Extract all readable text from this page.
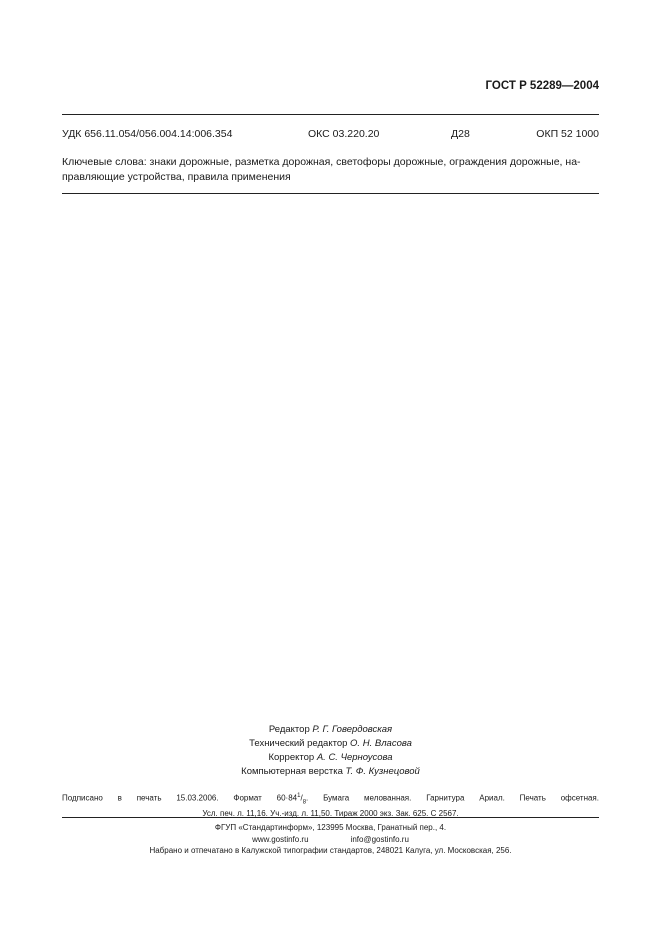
ГОСТ Р 52289—2004
УДК 656.11.054/056.004.14:006.354	ОКС 03.220.20	Д28	ОКП 52 1000
Ключевые слова: знаки дорожные, разметка дорожная, светофоры дорожные, ограждения дорожные, на-
правляющие устройства, правила применения
Редактор Р. Г. Говердовская
Технический редактор О. Н. Власова
Корректор А. С. Черноусова
Компьютерная верстка Т. Ф. Кузнецовой
Подписано в печать 15.03.2006. Формат $60\cdot 84^1/_8$. Бумага мелованная. Гарнитура Ариал. Печать офсетная.
Усл. печ. л. 11,16. Уч.-изд. л. 11,50. Тираж 2000 экз. Зак. 625. С 2567.
ФГУП «Стандартинформ», 123995 Москва, Гранатный пер., 4.
www.gostinfo.ru	info@gostinfo.ru
Набрано и отпечатано в Калужской типографии стандартов, 248021 Калуга, ул. Московская, 256.
